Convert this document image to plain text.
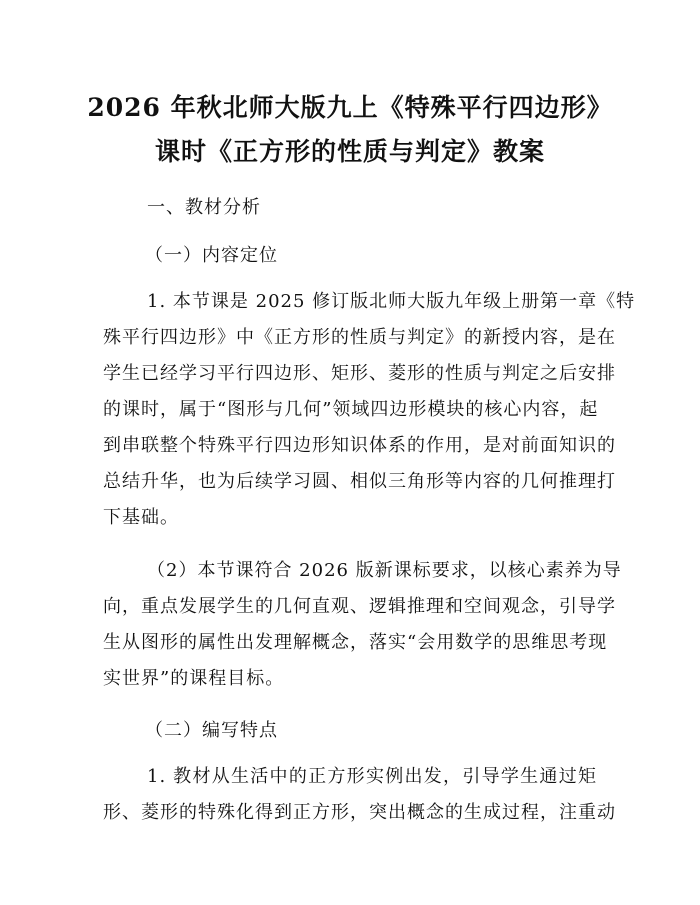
2026 年秋北师大版九上《特殊平行四边形》
课时《正方形的性质与判定》教案
一、教材分析
（一）内容定位
1. 本节课是 2025 修订版北师大版九年级上册第一章《特
殊平行四边形》中《正方形的性质与判定》的新授内容，是在
学生已经学习平行四边形、矩形、菱形的性质与判定之后安排
的课时，属于“图形与几何”领域四边形模块的核心内容，起
到串联整个特殊平行四边形知识体系的作用，是对前面知识的
总结升华，也为后续学习圆、相似三角形等内容的几何推理打
下基础。
（2）本节课符合 2026 版新课标要求，以核心素养为导
向，重点发展学生的几何直观、逻辑推理和空间观念，引导学
生从图形的属性出发理解概念，落实“会用数学的思维思考现
实世界”的课程目标。
（二）编写特点
1. 教材从生活中的正方形实例出发，引导学生通过矩
形、菱形的特殊化得到正方形，突出概念的生成过程，注重动
